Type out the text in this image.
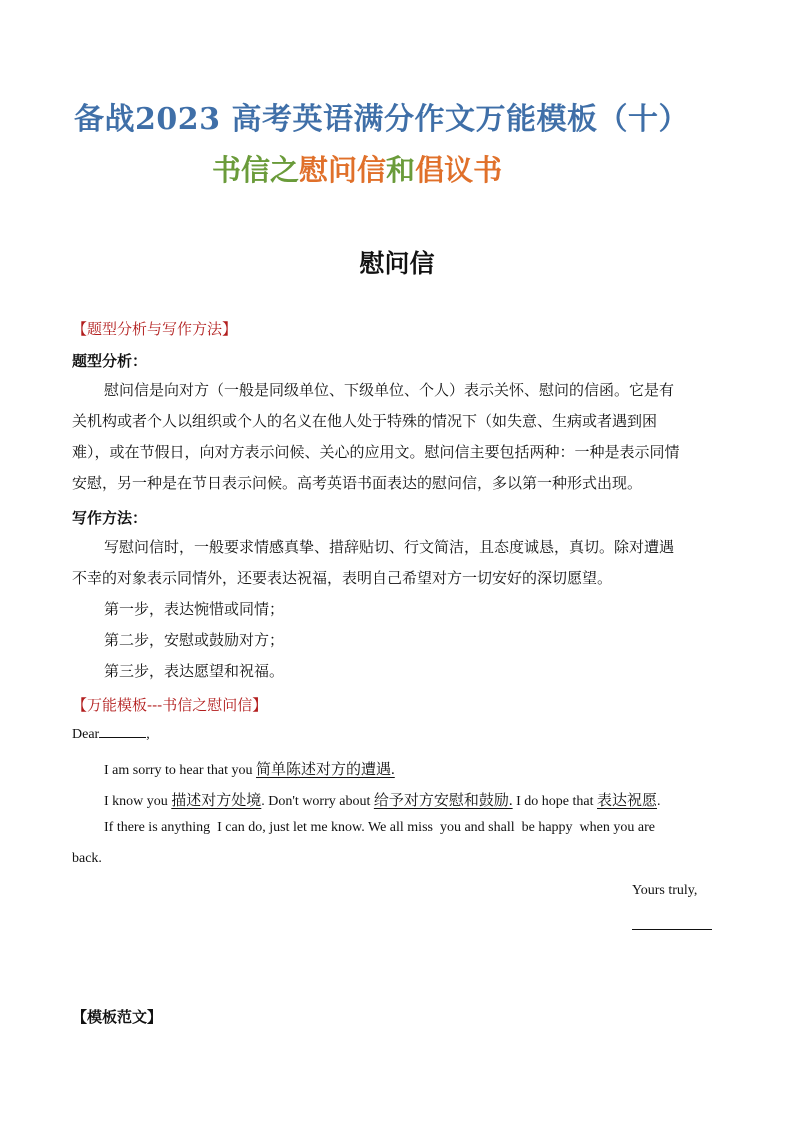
备战2023 高考英语满分作文万能模板（十）
书信之慰问信和倡议书
慰问信
【题型分析与写作方法】
题型分析：
慰问信是向对方（一般是同级单位、下级单位、个人）表示关怀、慰问的信函。它是有
关机构或者个人以组织或个人的名义在他人处于特殊的情况下（如失意、生病或者遇到困
难），或在节假日，向对方表示问候、关心的应用文。慰问信主要包括两种：一种是表示同情
安慰，另一种是在节日表示问候。高考英语书面表达的慰问信，多以第一种形式出现。
写作方法：
写慰问信时，一般要求情感真挚、措辞贴切、行文简洁，且态度诚恳，真切。除对遭遇
不幸的对象表示同情外，还要表达祝福，表明自己希望对方一切安好的深切愿望。
第一步，表达惋惜或同情；
第二步，安慰或鼓励对方；
第三步，表达愿望和祝福。
【万能模板---书信之慰问信】
Dear	,
I am sorry to hear that you 简单陈述对方的遭遇.
I know you 描述对方处境. Don't worry about 给予对方安慰和鼓励. I do hope that 表达祝愿.
If there is anything  I can do, just let me know. We all miss  you and shall  be happy  when you are
back.
Yours truly,
【模板范文】
